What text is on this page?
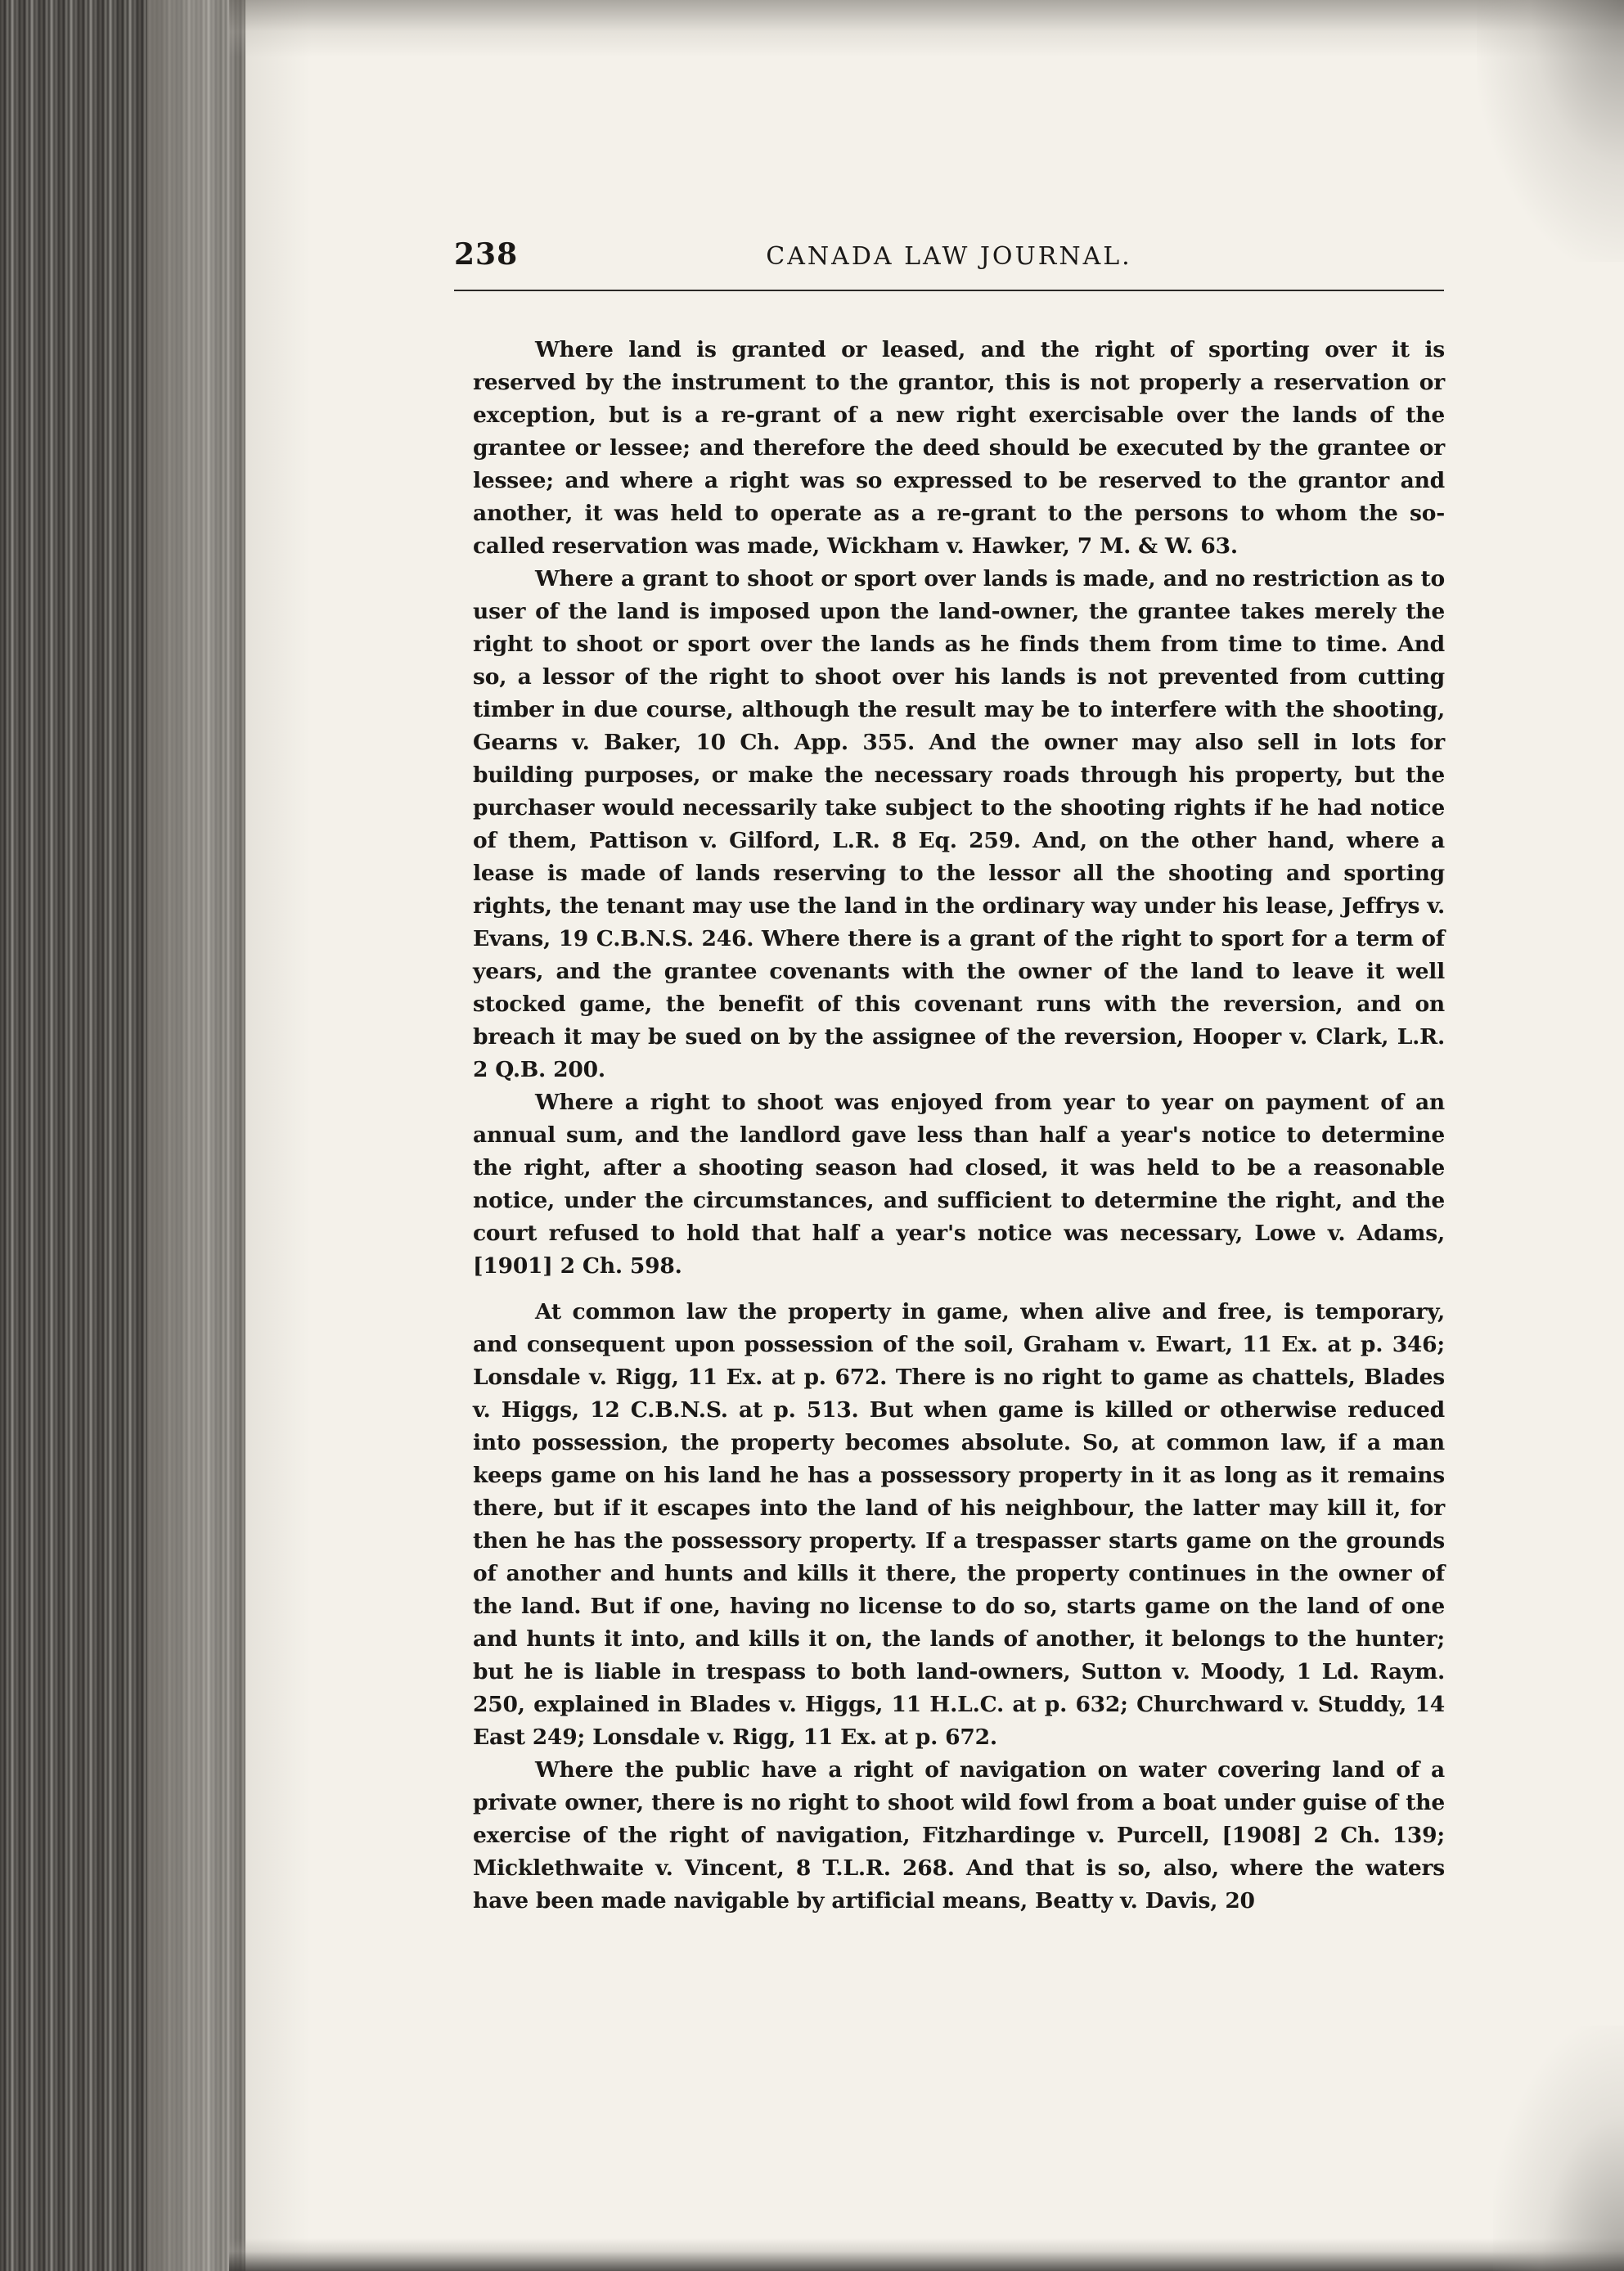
238	CANADA LAW JOURNAL.

Where land is granted or leased, and the right of sporting over it is reserved by the instrument to the grantor, this is not properly a reservation or exception, but is a re-grant of a new right exercisable over the lands of the grantee or lessee; and therefore the deed should be executed by the grantee or lessee; and where a right was so expressed to be reserved to the grantor and another, it was held to operate as a re-grant to the persons to whom the so-called reservation was made, Wickham v. Hawker, 7 M. & W. 63.

Where a grant to shoot or sport over lands is made, and no restriction as to user of the land is imposed upon the land-owner, the grantee takes merely the right to shoot or sport over the lands as he finds them from time to time. And so, a lessor of the right to shoot over his lands is not prevented from cutting timber in due course, although the result may be to interfere with the shooting, Gearns v. Baker, 10 Ch. App. 355. And the owner may also sell in lots for building purposes, or make the necessary roads through his property, but the purchaser would necessarily take subject to the shooting rights if he had notice of them, Pattison v. Gilford, L.R. 8 Eq. 259. And, on the other hand, where a lease is made of lands reserving to the lessor all the shooting and sporting rights, the tenant may use the land in the ordinary way under his lease, Jeffrys v. Evans, 19 C.B.N.S. 246. Where there is a grant of the right to sport for a term of years, and the grantee covenants with the owner of the land to leave it well stocked game, the benefit of this covenant runs with the reversion, and on breach it may be sued on by the assignee of the reversion, Hooper v. Clark, L.R. 2 Q.B. 200.

Where a right to shoot was enjoyed from year to year on payment of an annual sum, and the landlord gave less than half a year's notice to determine the right, after a shooting season had closed, it was held to be a reasonable notice, under the circumstances, and sufficient to determine the right, and the court refused to hold that half a year's notice was necessary, Lowe v. Adams, [1901] 2 Ch. 598.

At common law the property in game, when alive and free, is temporary, and consequent upon possession of the soil, Graham v. Ewart, 11 Ex. at p. 346; Lonsdale v. Rigg, 11 Ex. at p. 672. There is no right to game as chattels, Blades v. Higgs, 12 C.B.N.S. at p. 513. But when game is killed or otherwise reduced into possession, the property becomes absolute. So, at common law, if a man keeps game on his land he has a possessory property in it as long as it remains there, but if it escapes into the land of his neighbour, the latter may kill it, for then he has the possessory property. If a trespasser starts game on the grounds of another and hunts and kills it there, the property continues in the owner of the land. But if one, having no license to do so, starts game on the land of one and hunts it into, and kills it on, the lands of another, it belongs to the hunter; but he is liable in trespass to both land-owners, Sutton v. Moody, 1 Ld. Raym. 250, explained in Blades v. Higgs, 11 H.L.C. at p. 632; Churchward v. Studdy, 14 East 249; Lonsdale v. Rigg, 11 Ex. at p. 672.

Where the public have a right of navigation on water covering land of a private owner, there is no right to shoot wild fowl from a boat under guise of the exercise of the right of navigation, Fitzhardinge v. Purcell, [1908] 2 Ch. 139; Micklethwaite v. Vincent, 8 T.L.R. 268. And that is so, also, where the waters have been made navigable by artificial means, Beatty v. Davis, 20
